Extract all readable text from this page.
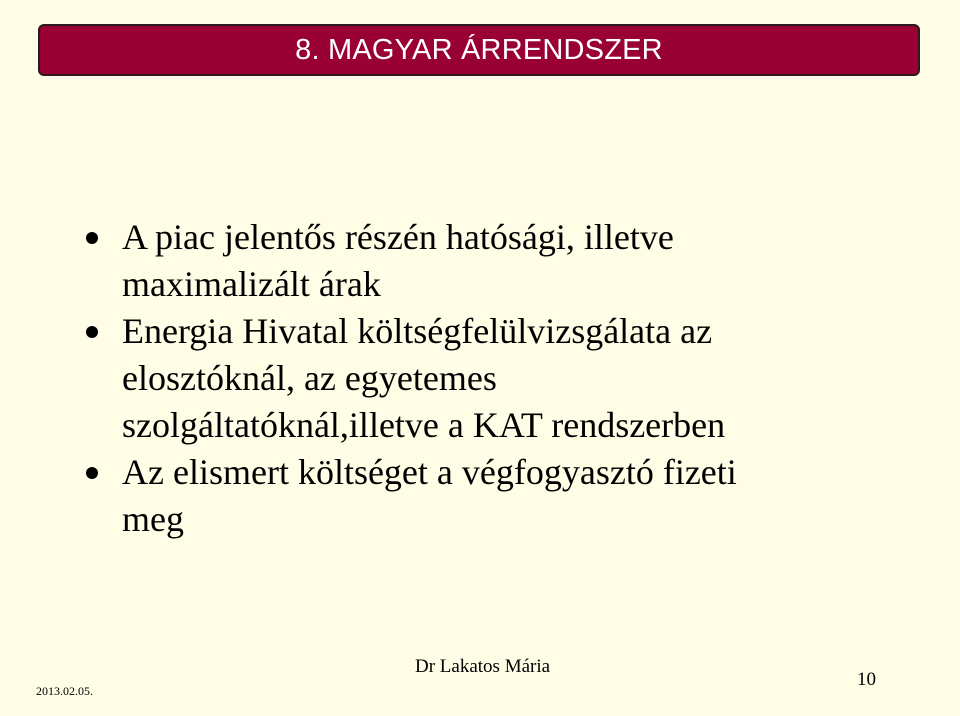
8. MAGYAR ÁRRENDSZER
A piac jelentős részén hatósági, illetve
maximalizált árak
Energia Hivatal költségfelülvizsgálata az
elosztóknál, az egyetemes
szolgáltatóknál,illetve a KAT rendszerben
Az elismert költséget a végfogyasztó fizeti
meg
2013.02.05.
Dr Lakatos Mária
10
